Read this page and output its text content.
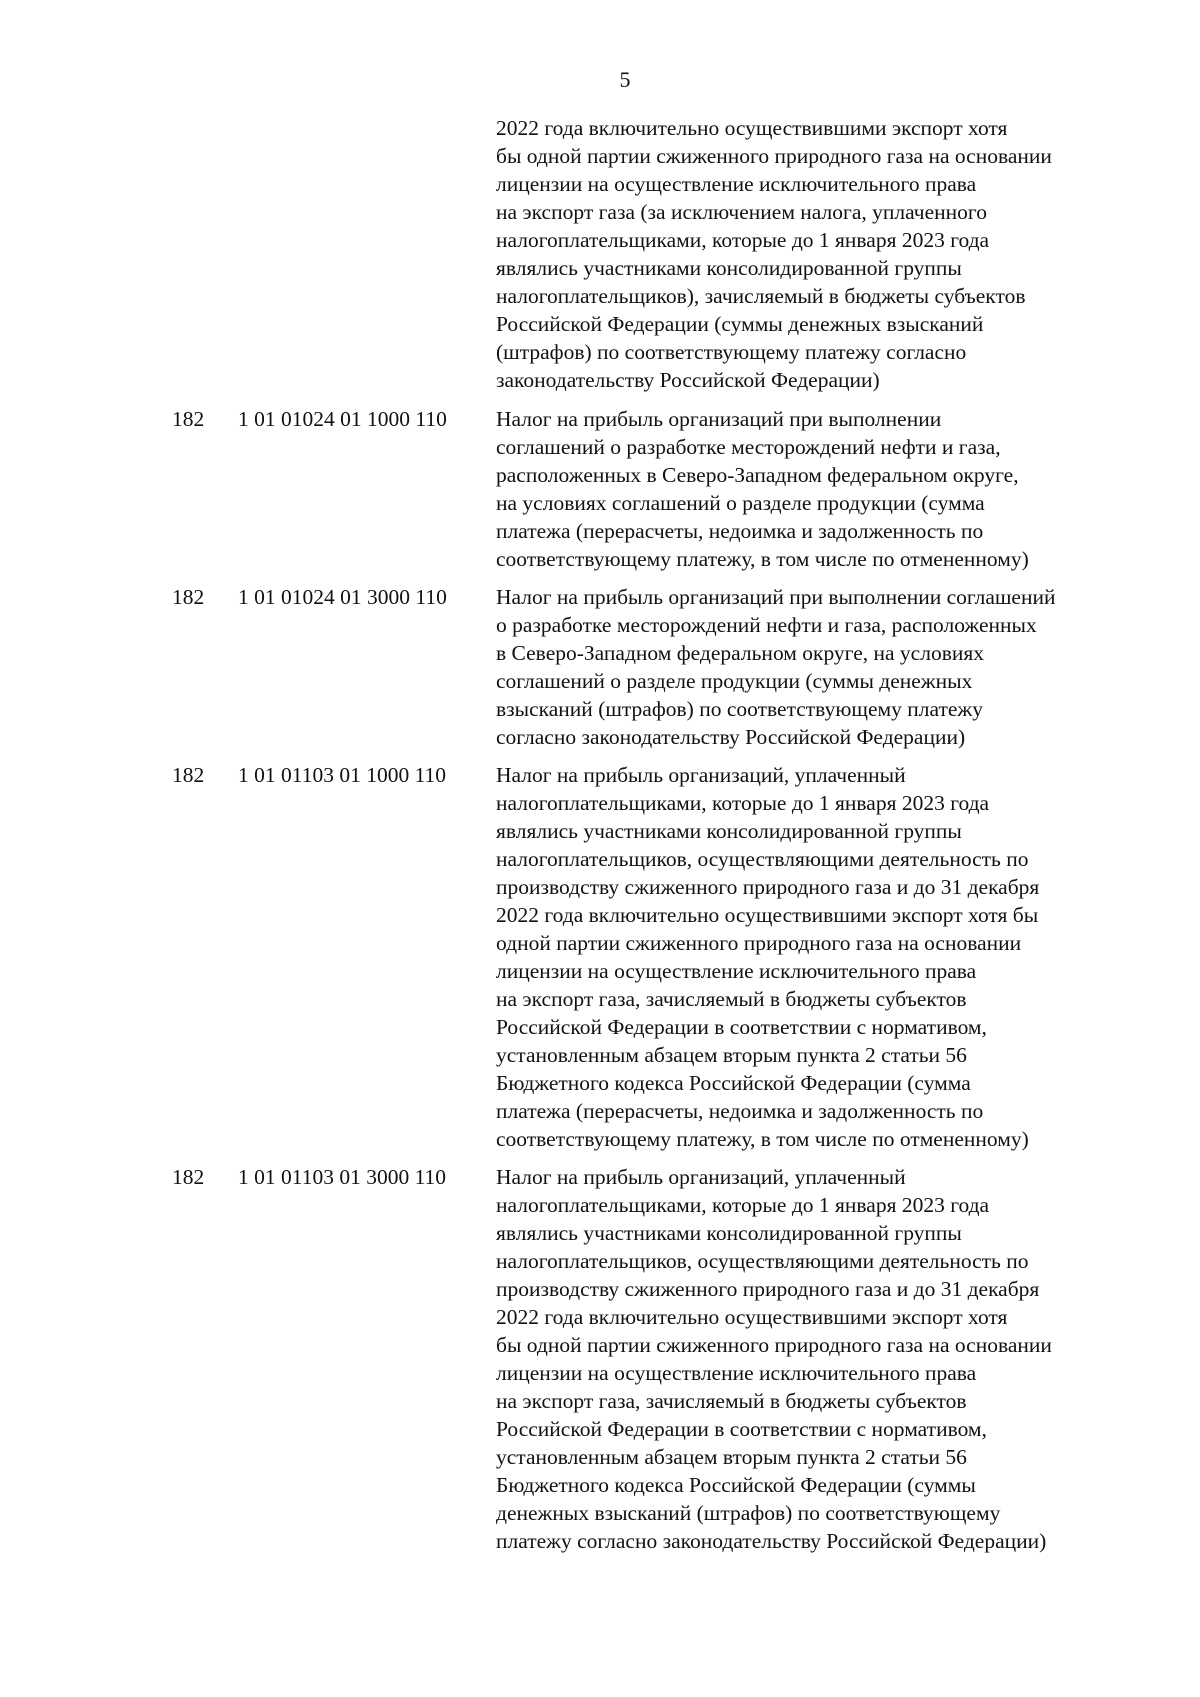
5
2022 года включительно осуществившими экспорт хотя
бы одной партии сжиженного природного газа на основании
лицензии на осуществление исключительного права
на экспорт газа (за исключением налога, уплаченного
налогоплательщиками, которые до 1 января 2023 года
являлись участниками консолидированной группы
налогоплательщиков), зачисляемый в бюджеты субъектов
Российской Федерации (суммы денежных взысканий
(штрафов) по соответствующему платежу согласно
законодательству Российской Федерации)
182 1 01 01024 01 1000 110 Налог на прибыль организаций при выполнении
соглашений о разработке месторождений нефти и газа,
расположенных в Северо-Западном федеральном округе,
на условиях соглашений о разделе продукции (сумма
платежа (перерасчеты, недоимка и задолженность по
соответствующему платежу, в том числе по отмененному)
182 1 01 01024 01 3000 110 Налог на прибыль организаций при выполнении соглашений
о разработке месторождений нефти и газа, расположенных
в Северо-Западном федеральном округе, на условиях
соглашений о разделе продукции (суммы денежных
взысканий (штрафов) по соответствующему платежу
согласно законодательству Российской Федерации)
182 1 01 01103 01 1000 110 Налог на прибыль организаций, уплаченный
налогоплательщиками, которые до 1 января 2023 года
являлись участниками консолидированной группы
налогоплательщиков, осуществляющими деятельность по
производству сжиженного природного газа и до 31 декабря
2022 года включительно осуществившими экспорт хотя бы
одной партии сжиженного природного газа на основании
лицензии на осуществление исключительного права
на экспорт газа, зачисляемый в бюджеты субъектов
Российской Федерации в соответствии с нормативом,
установленным абзацем вторым пункта 2 статьи 56
Бюджетного кодекса Российской Федерации (сумма
платежа (перерасчеты, недоимка и задолженность по
соответствующему платежу, в том числе по отмененному)
182 1 01 01103 01 3000 110 Налог на прибыль организаций, уплаченный
налогоплательщиками, которые до 1 января 2023 года
являлись участниками консолидированной группы
налогоплательщиков, осуществляющими деятельность по
производству сжиженного природного газа и до 31 декабря
2022 года включительно осуществившими экспорт хотя
бы одной партии сжиженного природного газа на основании
лицензии на осуществление исключительного права
на экспорт газа, зачисляемый в бюджеты субъектов
Российской Федерации в соответствии с нормативом,
установленным абзацем вторым пункта 2 статьи 56
Бюджетного кодекса Российской Федерации (суммы
денежных взысканий (штрафов) по соответствующему
платежу согласно законодательству Российской Федерации)
